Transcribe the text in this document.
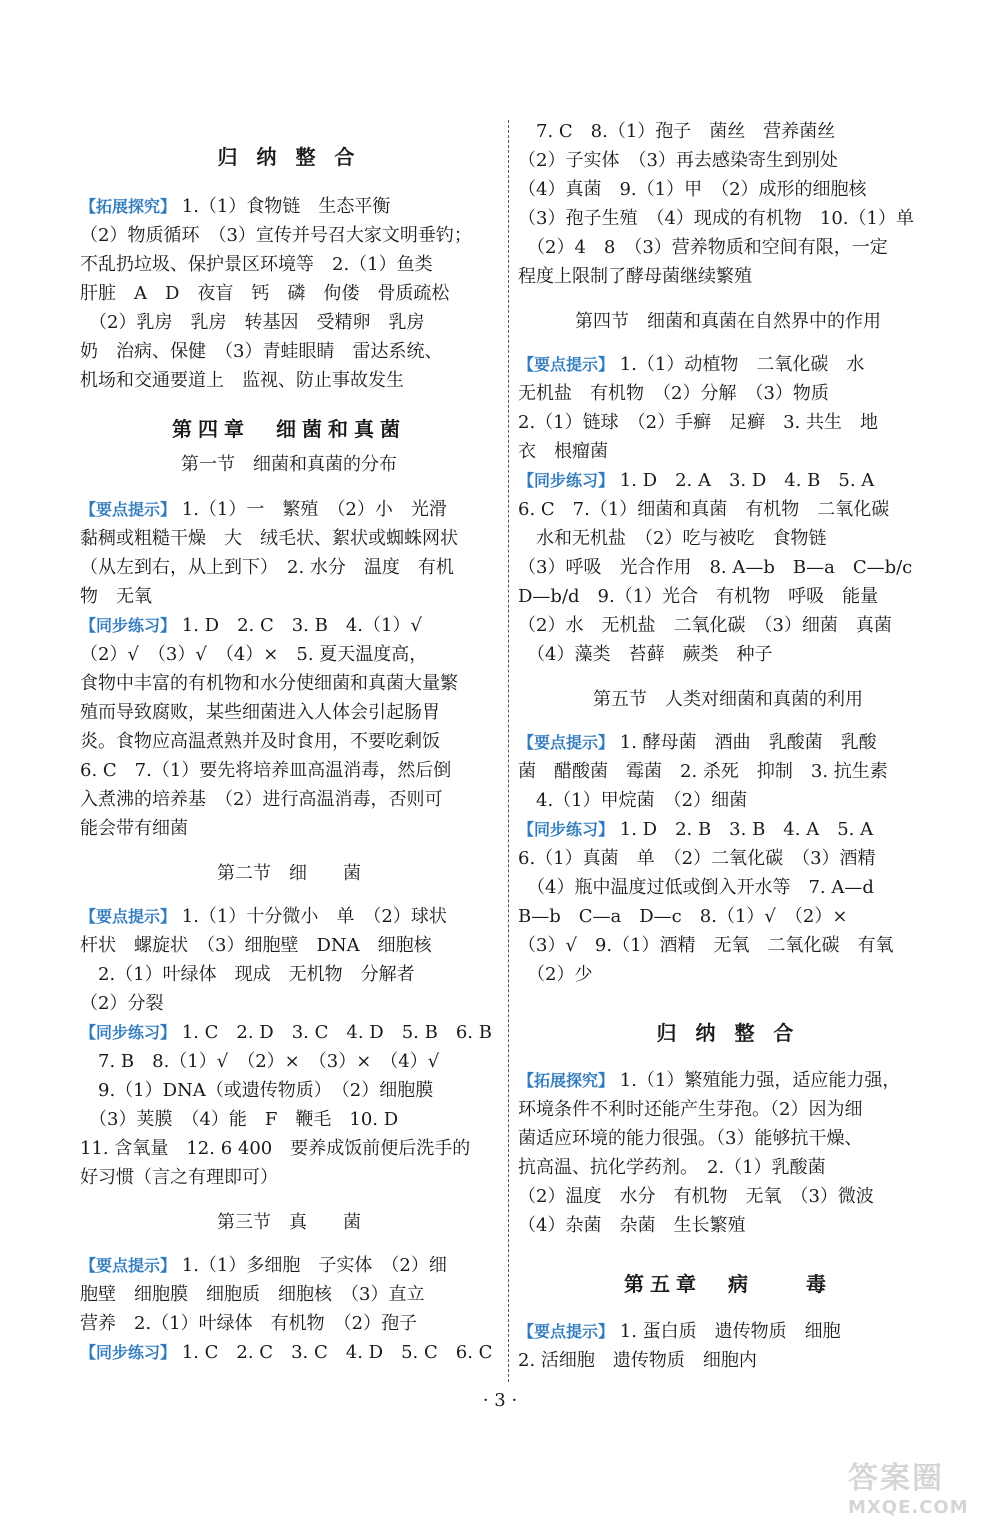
归 纳 整 合
【拓展探究】 1.（1）食物链　生态平衡
（2）物质循环　（3）宣传并号召大家文明垂钓；
不乱扔垃圾、保护景区环境等　2.（1）鱼类
肝脏　A　D　夜盲　钙　磷　佝偻　骨质疏松
　（2）乳房　乳房　转基因　受精卵　乳房
奶　治病、保健　（3）青蛙眼睛　雷达系统、
机场和交通要道上　监视、防止事故发生
第四章　细菌和真菌
第一节　细菌和真菌的分布
【要点提示】 1.（1）一　繁殖　（2）小　光滑
黏稠或粗糙干燥　大　绒毛状、絮状或蜘蛛网状
（从左到右，从上到下）　2. 水分　温度　有机
物　无氧
【同步练习】 1. D　2. C　3. B　4.（1）√
（2）√　（3）√　（4）×　5. 夏天温度高，
食物中丰富的有机物和水分使细菌和真菌大量繁
殖而导致腐败，某些细菌进入人体会引起肠胃
炎。食物应高温煮熟并及时食用，不要吃剩饭
6. C　7.（1）要先将培养皿高温消毒，然后倒
入煮沸的培养基　（2）进行高温消毒，否则可
能会带有细菌
第二节　细　　菌
【要点提示】 1.（1）十分微小　单　（2）球状
杆状　螺旋状　（3）细胞壁　DNA　细胞核
　2.（1）叶绿体　现成　无机物　分解者
（2）分裂
【同步练习】 1. C　2. D　3. C　4. D　5. B　6. B
　7. B　8.（1）√　（2）×　（3）×　（4）√
　9.（1）DNA（或遗传物质）　（2）细胞膜
　（3）荚膜　（4）能　F　鞭毛　10. D
11. 含氧量　12. 6 400　要养成饭前便后洗手的
好习惯（言之有理即可）
第三节　真　　菌
【要点提示】 1.（1）多细胞　子实体　（2）细
胞壁　细胞膜　细胞质　细胞核　（3）直立
营养　2.（1）叶绿体　有机物　（2）孢子
【同步练习】 1. C　2. C　3. C　4. D　5. C　6. C
　7. C　8.（1）孢子　菌丝　营养菌丝
（2）子实体　（3）再去感染寄生到别处
（4）真菌　9.（1）甲　（2）成形的细胞核
（3）孢子生殖　（4）现成的有机物　10.（1）单
　（2）4　8　（3）营养物质和空间有限，一定
程度上限制了酵母菌继续繁殖
第四节　细菌和真菌在自然界中的作用
【要点提示】 1.（1）动植物　二氧化碳　水
无机盐　有机物　（2）分解　（3）物质
2.（1）链球　（2）手癣　足癣　3. 共生　地
衣　根瘤菌
【同步练习】 1. D　2. A　3. D　4. B　5. A
6. C　7.（1）细菌和真菌　有机物　二氧化碳
　水和无机盐　（2）吃与被吃　食物链
（3）呼吸　光合作用　8. A—b　B—a　C—b/c
D—b/d　9.（1）光合　有机物　呼吸　能量
（2）水　无机盐　二氧化碳　（3）细菌　真菌
　（4）藻类　苔藓　蕨类　种子
第五节　人类对细菌和真菌的利用
【要点提示】 1. 酵母菌　酒曲　乳酸菌　乳酸
菌　醋酸菌　霉菌　2. 杀死　抑制　3. 抗生素
　4.（1）甲烷菌　（2）细菌
【同步练习】 1. D　2. B　3. B　4. A　5. A
6.（1）真菌　单　（2）二氧化碳　（3）酒精
　（4）瓶中温度过低或倒入开水等　7. A—d
B—b　C—a　D—c　8.（1）√　（2）×
（3）√　9.（1）酒精　无氧　二氧化碳　有氧
　（2）少
归 纳 整 合
【拓展探究】 1.（1）繁殖能力强，适应能力强，
环境条件不利时还能产生芽孢。（2）因为细
菌适应环境的能力很强。（3）能够抗干燥、
抗高温、抗化学药剂。　2.（1）乳酸菌
（2）温度　水分　有机物　无氧　（3）微波
（4）杂菌　杂菌　生长繁殖
第五章　病　　毒
【要点提示】 1. 蛋白质　遗传物质　细胞
2. 活细胞　遗传物质　细胞内
· 3 ·
答案圈
MXQE.COM
